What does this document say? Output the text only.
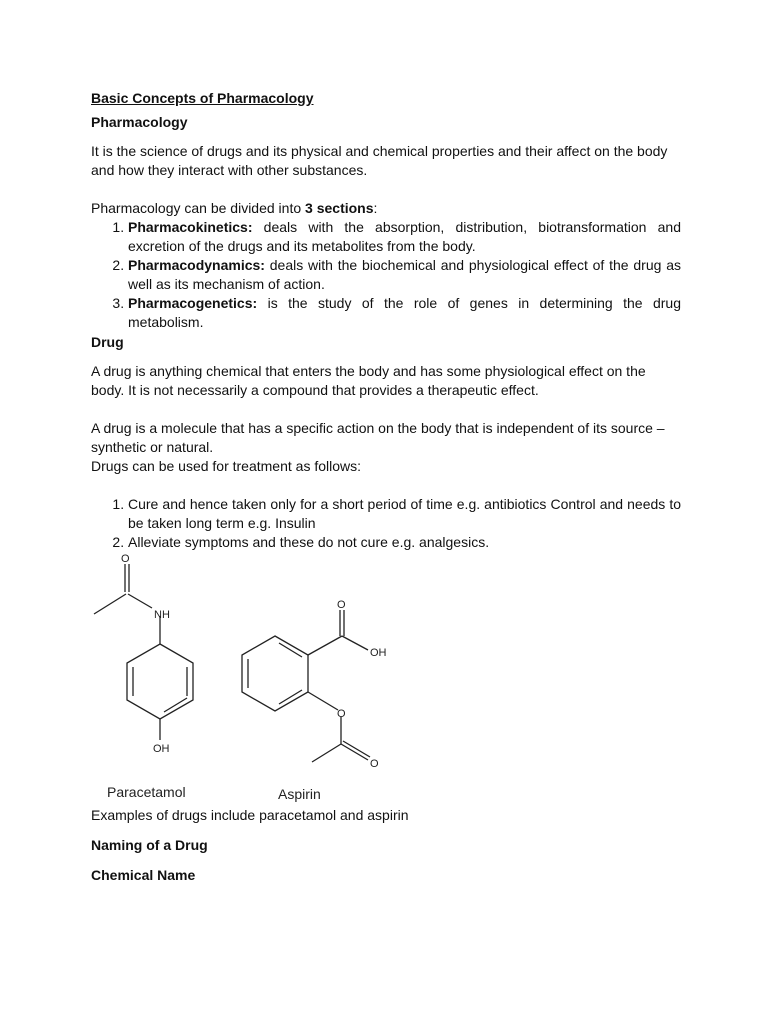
Basic Concepts of Pharmacology

Pharmacology

It is the science of drugs and its physical and chemical properties and their affect on the body and how they interact with other substances.

Pharmacology can be divided into 3 sections:

1. Pharmacokinetics: deals with the absorption, distribution, biotransformation and excretion of the drugs and its metabolites from the body.
2. Pharmacodynamics: deals with the biochemical and physiological effect of the drug as well as its mechanism of action.
3. Pharmacogenetics: is the study of the role of genes in determining the drug metabolism.

Drug

A drug is anything chemical that enters the body and has some physiological effect on the body. It is not necessarily a compound that provides a therapeutic effect.

A drug is a molecule that has a specific action on the body that is independent of its source – synthetic or natural.

Drugs can be used for treatment as follows:

1. Cure and hence taken only for a short period of time e.g. antibiotics Control and needs to be taken long term e.g. Insulin
2. Alleviate symptoms and these do not cure e.g. analgesics.
O
NH
OH
O
OH
O
O
Paracetamol	Aspirin

Examples of drugs include paracetamol and aspirin

Naming of a Drug

Chemical Name
